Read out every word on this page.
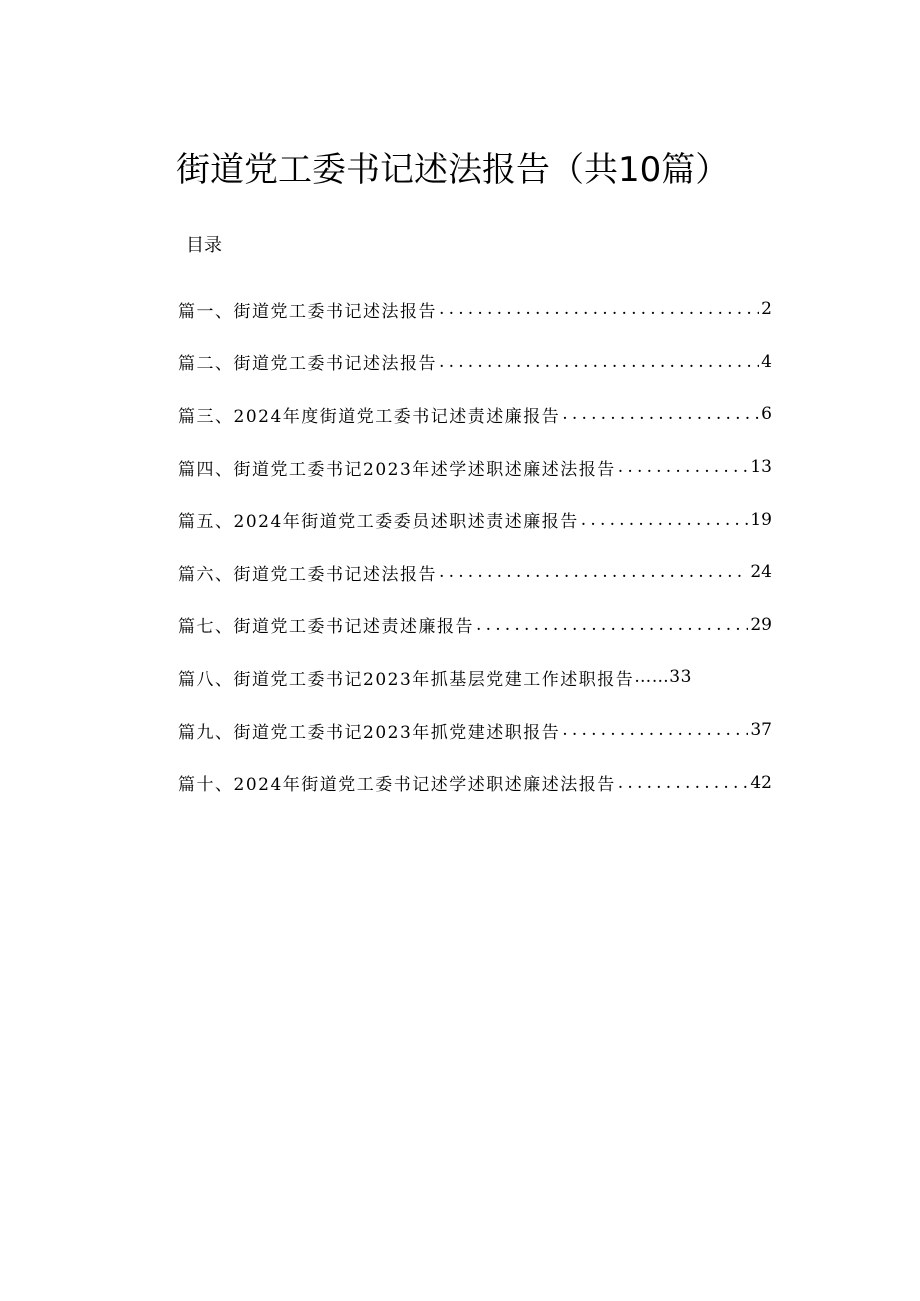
街道党工委书记述法报告（共10篇）
目录
篇一、街道党工委书记述法报告 .....	2
篇二、街道党工委书记述法报告 .....	4
篇三、2024年度街道党工委书记述责述廉报告 .....	6
篇四、街道党工委书记2023年述学述职述廉述法报告 .....	13
篇五、2024年街道党工委委员述职述责述廉报告 .....	19
篇六、街道党工委书记述法报告 .....	24
篇七、街道党工委书记述责述廉报告 .....	29
篇八、街道党工委书记2023年抓基层党建工作述职报告 …… 33
篇九、街道党工委书记2023年抓党建述职报告 .....	37
篇十、2024年街道党工委书记述学述职述廉述法报告 .....	42
